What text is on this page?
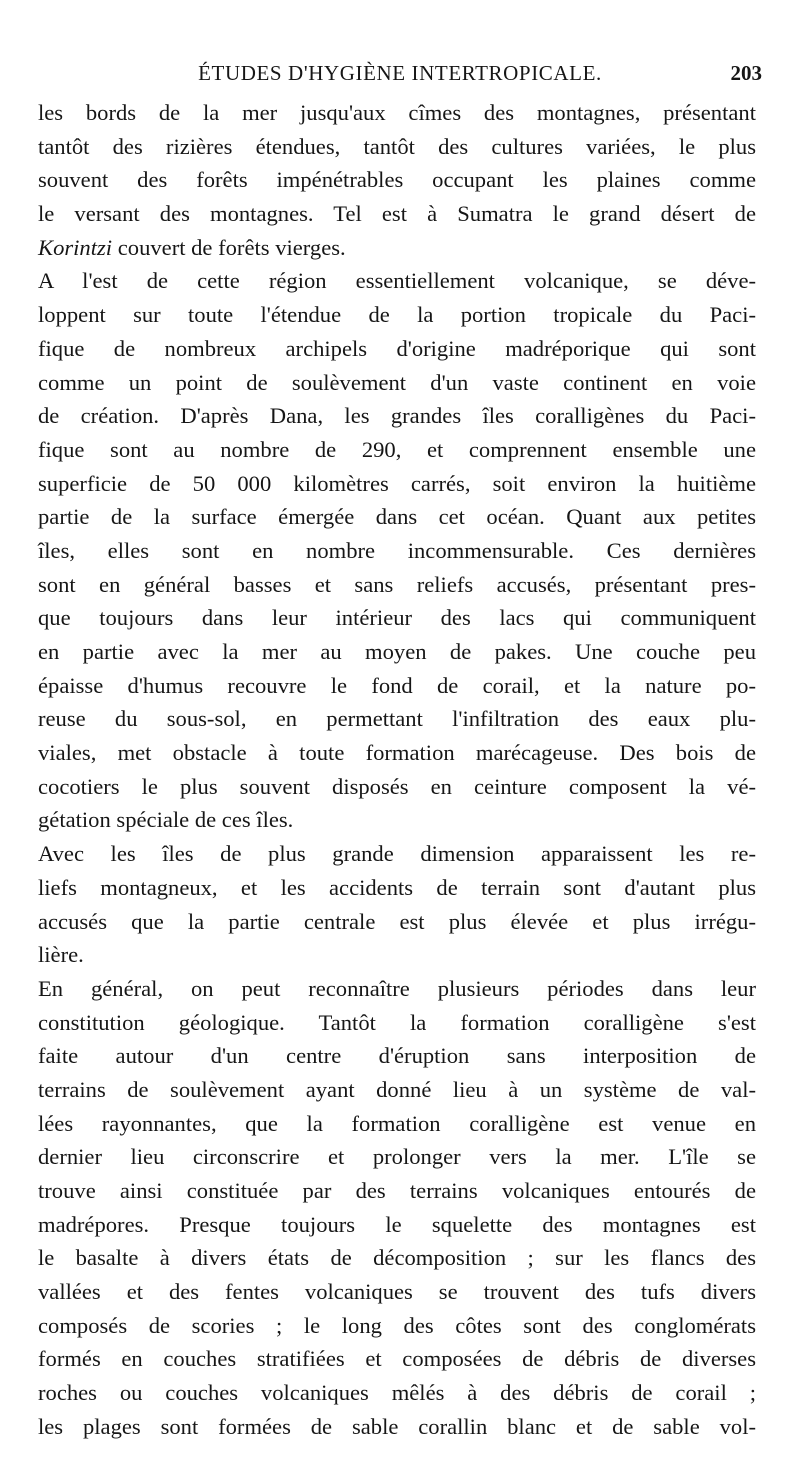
ÉTUDES D'HYGIÈNE INTERTROPICALE.	203
les bords de la mer jusqu'aux cîmes des montagnes, présentant
tantôt des rizières étendues, tantôt des cultures variées, le plus
souvent des forêts impénétrables occupant les plaines comme
le versant des montagnes. Tel est à Sumatra le grand désert de
Korintzi couvert de forêts vierges.
A l'est de cette région essentiellement volcanique, se déve-
loppent sur toute l'étendue de la portion tropicale du Paci-
fique de nombreux archipels d'origine madréporique qui sont
comme un point de soulèvement d'un vaste continent en voie
de création. D'après Dana, les grandes îles coralligènes du Paci-
fique sont au nombre de 290, et comprennent ensemble une
superficie de 50 000 kilomètres carrés, soit environ la huitième
partie de la surface émergée dans cet océan. Quant aux petites
îles, elles sont en nombre incommensurable. Ces dernières
sont en général basses et sans reliefs accusés, présentant pres-
que toujours dans leur intérieur des lacs qui communiquent
en partie avec la mer au moyen de pakes. Une couche peu
épaisse d'humus recouvre le fond de corail, et la nature po-
reuse du sous-sol, en permettant l'infiltration des eaux plu-
viales, met obstacle à toute formation marécageuse. Des bois de
cocotiers le plus souvent disposés en ceinture composent la vé-
gétation spéciale de ces îles.
Avec les îles de plus grande dimension apparaissent les re-
liefs montagneux, et les accidents de terrain sont d'autant plus
accusés que la partie centrale est plus élevée et plus irrégu-
lière.
En général, on peut reconnaître plusieurs périodes dans leur
constitution géologique. Tantôt la formation coralligène s'est
faite autour d'un centre d'éruption sans interposition de
terrains de soulèvement ayant donné lieu à un système de val-
lées rayonnantes, que la formation coralligène est venue en
dernier lieu circonscrire et prolonger vers la mer. L'île se
trouve ainsi constituée par des terrains volcaniques entourés de
madrépores. Presque toujours le squelette des montagnes est
le basalte à divers états de décomposition ; sur les flancs des
vallées et des fentes volcaniques se trouvent des tufs divers
composés de scories ; le long des côtes sont des conglomérats
formés en couches stratifiées et composées de débris de diverses
roches ou couches volcaniques mêlés à des débris de corail ;
les plages sont formées de sable corallin blanc et de sable vol-
